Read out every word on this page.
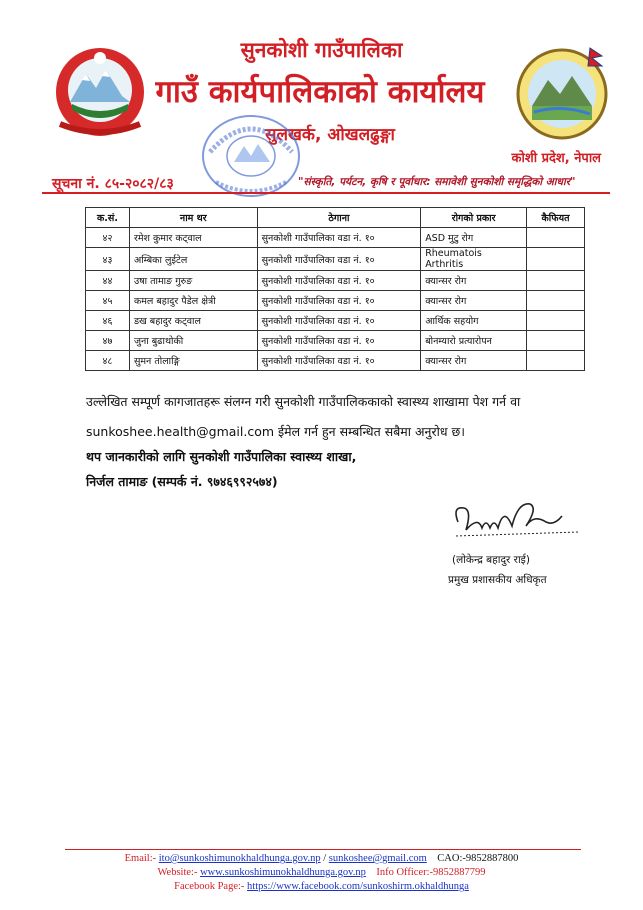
सुनकोशी गाउँपालिका
गाउँ कार्यपालिकाको कार्यालय
सुलखर्क, ओखलढुङ्गा
कोशी प्रदेश, नेपाल
सूचना नं. ८५-२०८२/८३	"संस्कृति, पर्यटन, कृषि र पूर्वाधार: समावेशी सुनकोशी समृद्धिको आधार"
क.सं.	नाम थर	ठेगाना	रोगको प्रकार	कैफियत
४२	रमेश कुमार कट्वाल	सुनकोशी गाउँपालिका वडा नं. १०	ASD मुटु रोग	
४३	अम्बिका लुईटेल	सुनकोशी गाउँपालिका वडा नं. १०	Rheumatois Arthritis	
४४	उषा तामाङ गुरुङ	सुनकोशी गाउँपालिका वडा नं. १०	क्यान्सर रोग	
४५	कमल बहादुर पैडेल क्षेत्री	सुनकोशी गाउँपालिका वडा नं. १०	क्यान्सर रोग	
४६	डख बहादुर कट्वाल	सुनकोशी गाउँपालिका वडा नं. १०	आर्थिक सहयोग	
४७	जुना बुढाथोकी	सुनकोशी गाउँपालिका वडा नं. १०	बोनम्यारो प्रत्यारोपन	
४८	सुमन तोलाङ्गि	सुनकोशी गाउँपालिका वडा नं. १०	क्यान्सर रोग	
उल्लेखित सम्पूर्ण कागजातहरू संलग्न गरी सुनकोशी गाउँपालिककाको स्वास्थ्य शाखामा पेश गर्न वा sunkoshee.health@gmail.com ईमेल गर्न हुन सम्बन्धित सबैमा अनुरोध छ।
थप जानकारीको लागि सुनकोशी गाउँपालिका स्वास्थ्य शाखा,
निर्जल तामाङ (सम्पर्क नं. ९७४६९९२५७४)
(लोकेन्द्र बहादुर राई)
प्रमुख प्रशासकीय अधिकृत
Email:- ito@sunkoshimunokhaldhunga.gov.np / sunkoshee@gmail.com CAO:-9852887800
Website:- www.sunkoshimunokhaldhunga.gov.np Info Officer:-9852887799
Facebook Page:- https://www.facebook.com/sunkoshirm.okhaldhunga
